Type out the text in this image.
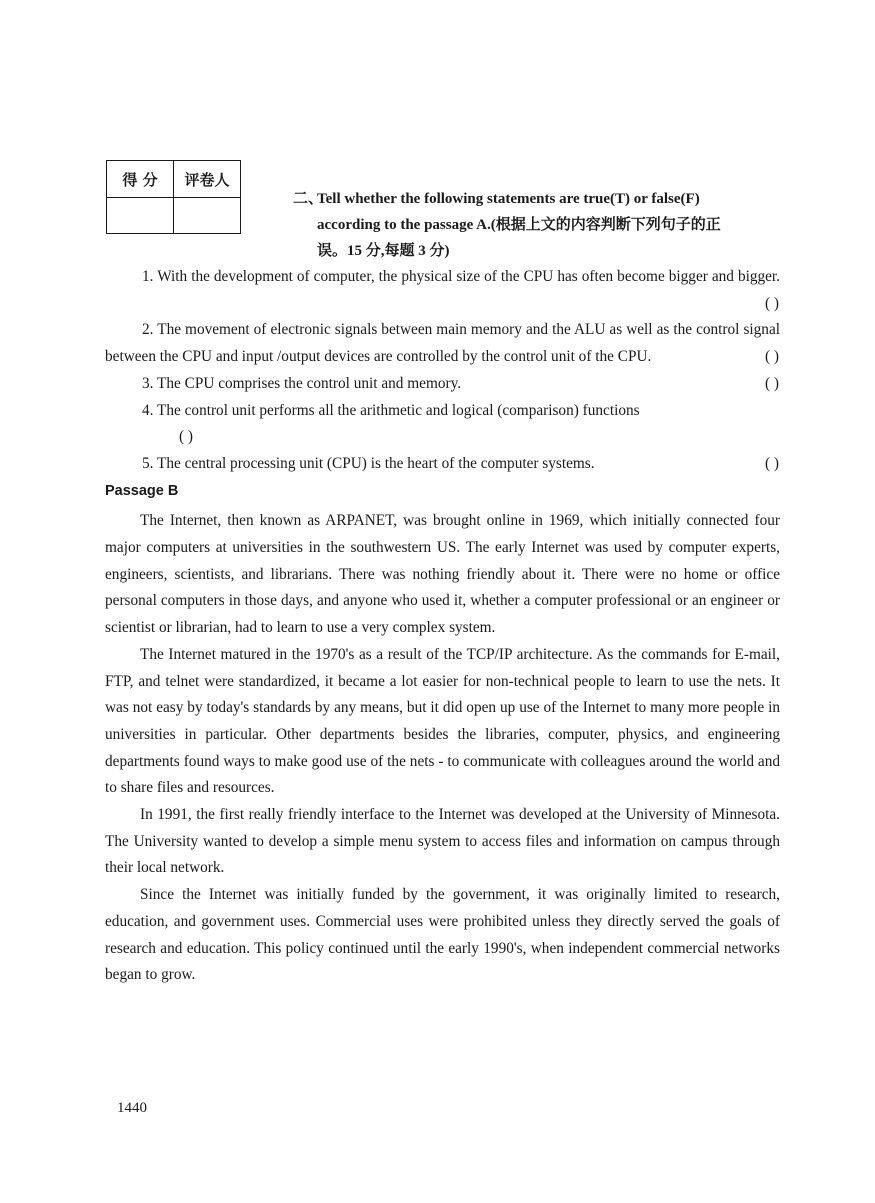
得 分	评卷人

二、Tell whether the following statements are true(T) or false(F)
according to the passage A.(根据上文的内容判断下列句子的正
误。15 分,每题 3 分)

1. With the development of computer, the physical size of the CPU has often become bigger and bigger.
( )

2. The movement of electronic signals between main memory and the ALU as well as the control signal between the CPU and input /output devices are controlled by the control unit of the CPU.	( )

3. The CPU comprises the control unit and memory.	( )

4. The control unit performs all the arithmetic and logical (comparison) functions

( )

5. The central processing unit (CPU) is the heart of the computer systems.	( )

Passage B

The Internet, then known as ARPANET, was brought online in 1969, which initially connected four major computers at universities in the southwestern US. The early Internet was used by computer experts, engineers, scientists, and librarians. There was nothing friendly about it. There were no home or office personal computers in those days, and anyone who used it, whether a computer professional or an engineer or scientist or librarian, had to learn to use a very complex system.

The Internet matured in the 1970's as a result of the TCP/IP architecture. As the commands for E-mail, FTP, and telnet were standardized, it became a lot easier for non-technical people to learn to use the nets. It was not easy by today's standards by any means, but it did open up use of the Internet to many more people in universities in particular. Other departments besides the libraries, computer, physics, and engineering departments found ways to make good use of the nets - to communicate with colleagues around the world and to share files and resources.

In 1991, the first really friendly interface to the Internet was developed at the University of Minnesota. The University wanted to develop a simple menu system to access files and information on campus through their local network.

Since the Internet was initially funded by the government, it was originally limited to research, education, and government uses. Commercial uses were prohibited unless they directly served the goals of research and education. This policy continued until the early 1990's, when independent commercial networks began to grow.

1440
